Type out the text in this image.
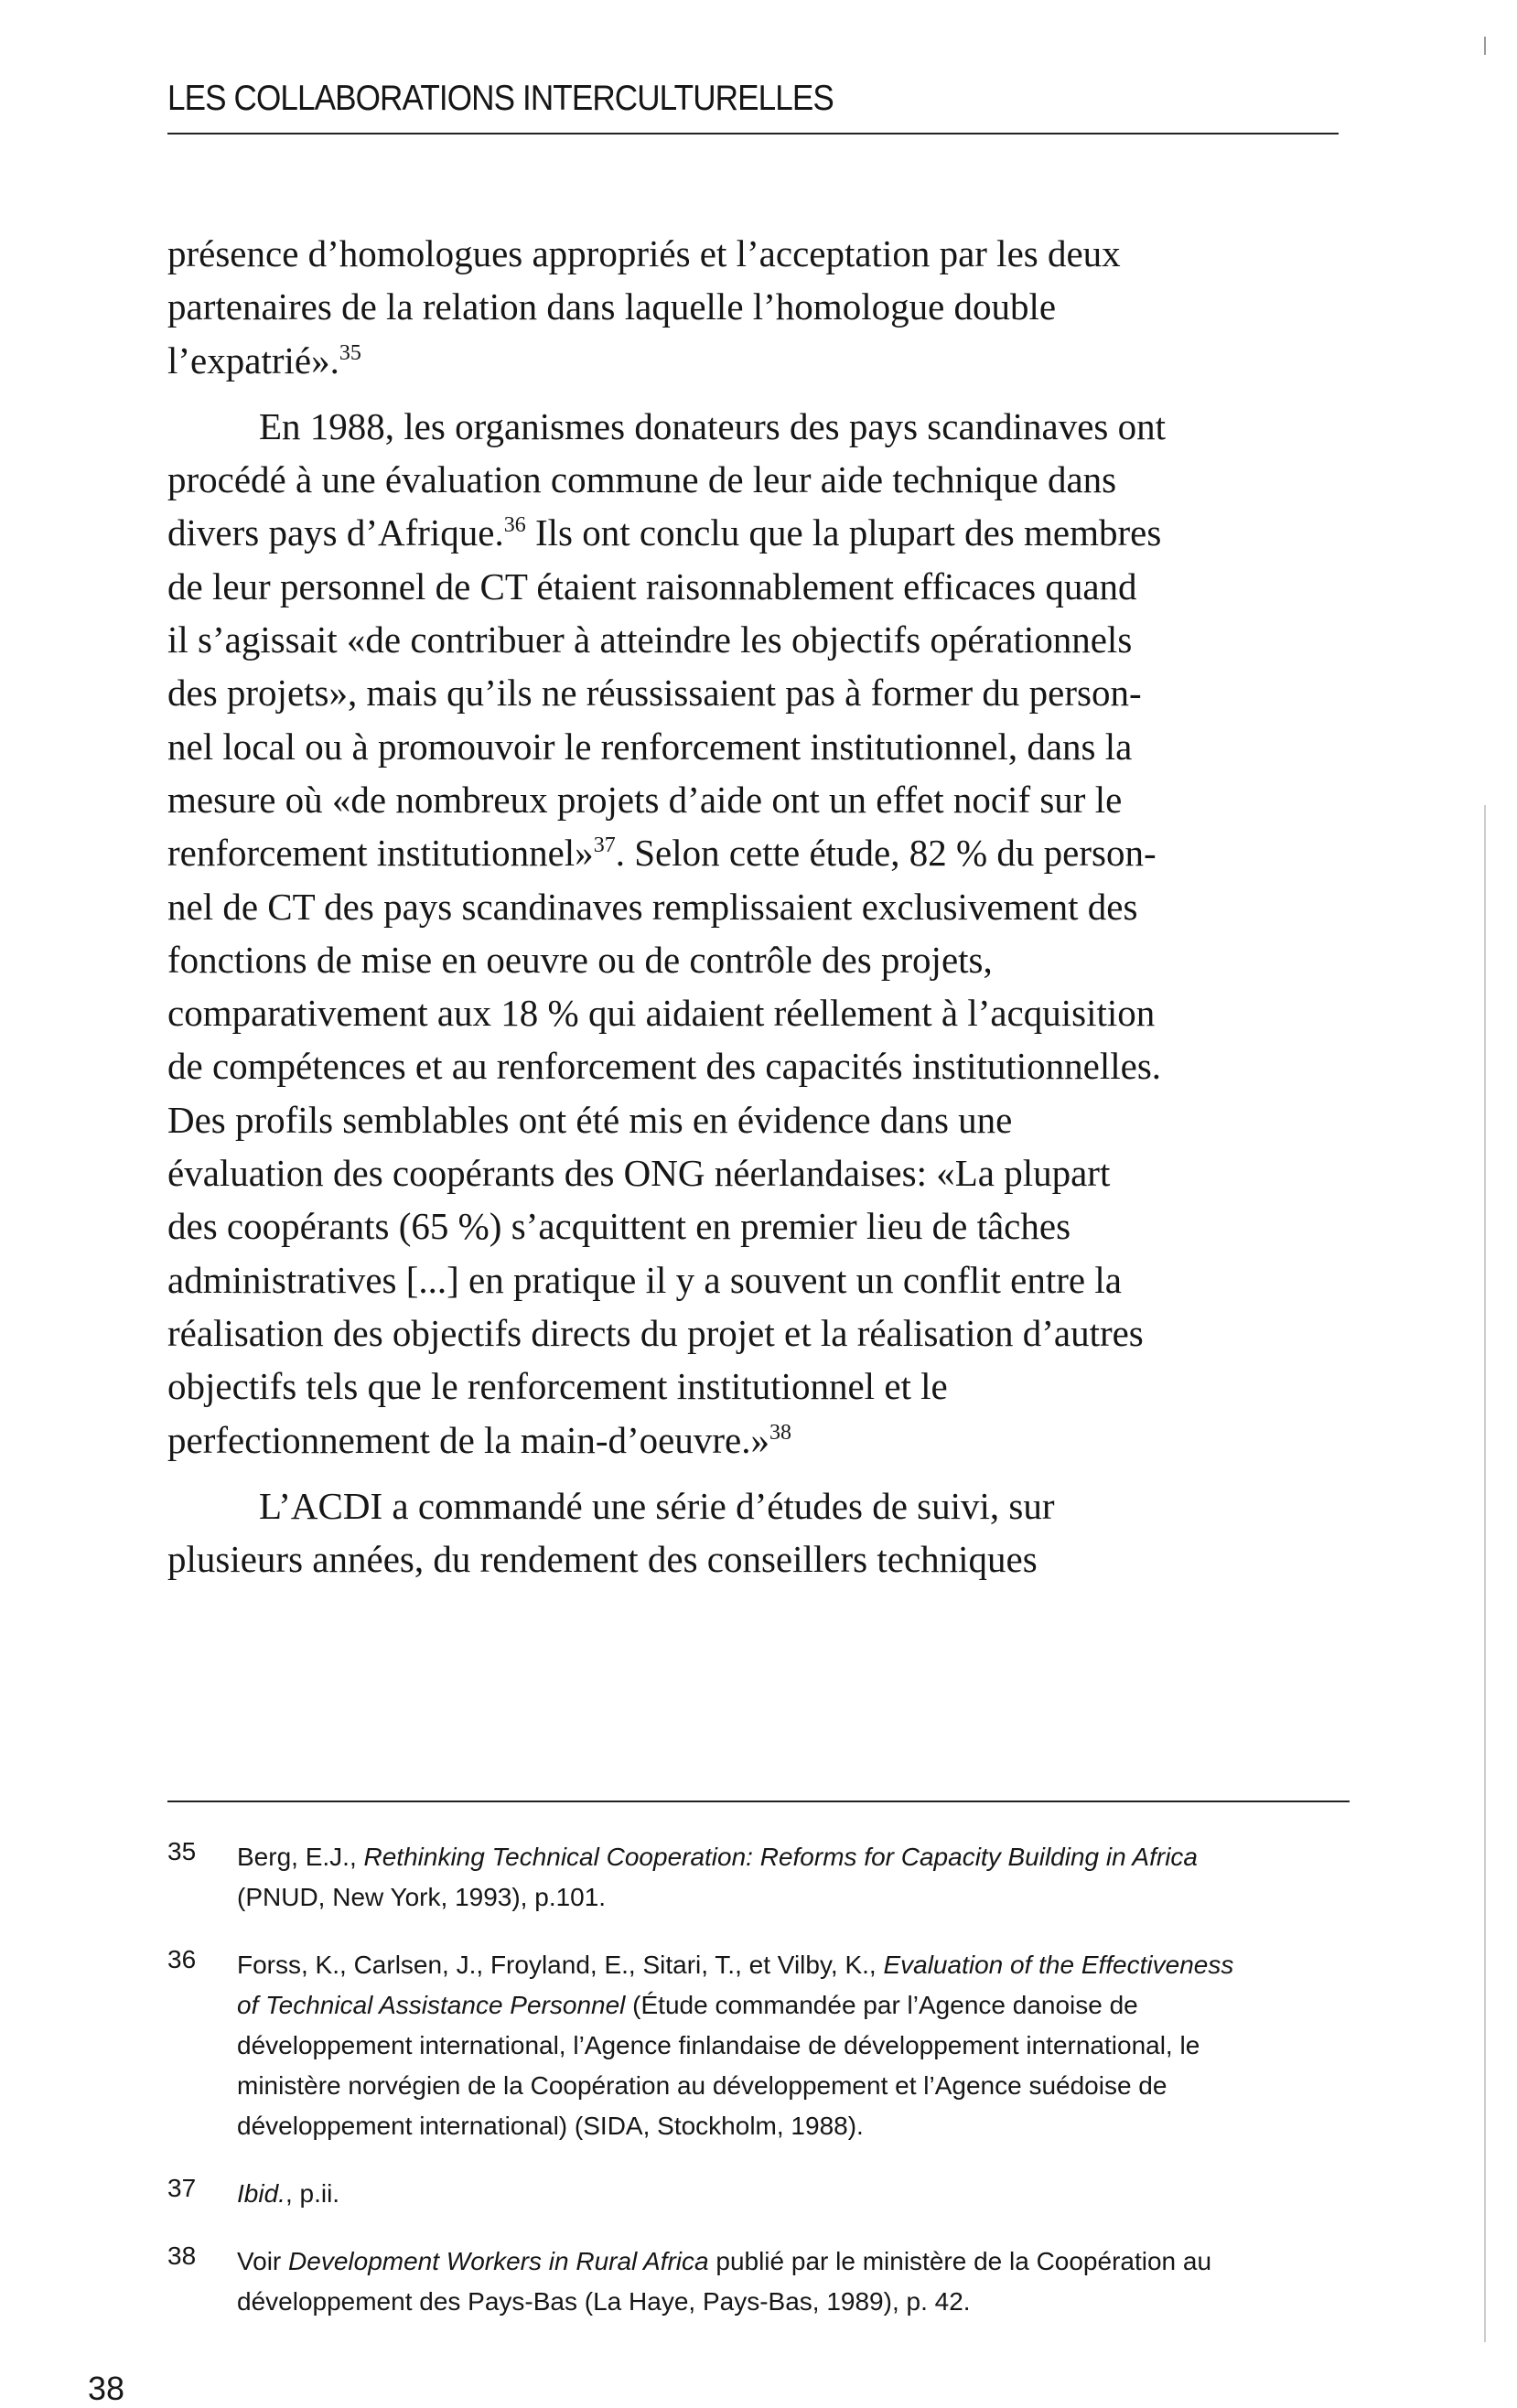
LES COLLABORATIONS INTERCULTURELLES
présence d’homologues appropriés et l’acceptation par les deux
partenaires de la relation dans laquelle l’homologue double
l’expatrié».$^{35}$
En 1988, les organismes donateurs des pays scandinaves ont
procédé à une évaluation commune de leur aide technique dans
divers pays d’Afrique.$^{36}$ Ils ont conclu que la plupart des membres
de leur personnel de CT étaient raisonnablement efficaces quand
il s’agissait «de contribuer à atteindre les objectifs opérationnels
des projets», mais qu’ils ne réussissaient pas à former du person-
nel local ou à promouvoir le renforcement institutionnel, dans la
mesure où «de nombreux projets d’aide ont un effet nocif sur le
renforcement institutionnel»$^{37}$. Selon cette étude, 82 % du person-
nel de CT des pays scandinaves remplissaient exclusivement des
fonctions de mise en oeuvre ou de contrôle des projets,
comparativement aux 18 % qui aidaient réellement à l’acquisition
de compétences et au renforcement des capacités institutionnelles.
Des profils semblables ont été mis en évidence dans une
évaluation des coopérants des ONG néerlandaises: «La plupart
des coopérants (65 %) s’acquittent en premier lieu de tâches
administratives [...] en pratique il y a souvent un conflit entre la
réalisation des objectifs directs du projet et la réalisation d’autres
objectifs tels que le renforcement institutionnel et le
perfectionnement de la main-d’oeuvre.»$^{38}$
L’ACDI a commandé une série d’études de suivi, sur
plusieurs années, du rendement des conseillers techniques
35 Berg, E.J., Rethinking Technical Cooperation: Reforms for Capacity Building in Africa
(PNUD, New York, 1993), p.101.
36 Forss, K., Carlsen, J., Froyland, E., Sitari, T., et Vilby, K., Evaluation of the Effectiveness
of Technical Assistance Personnel (Étude commandée par l’Agence danoise de
développement international, l’Agence finlandaise de développement international, le
ministère norvégien de la Coopération au développement et l’Agence suédoise de
développement international) (SIDA, Stockholm, 1988).
37 Ibid., p.ii.
38 Voir Development Workers in Rural Africa publié par le ministère de la Coopération au
développement des Pays-Bas (La Haye, Pays-Bas, 1989), p. 42.
38
